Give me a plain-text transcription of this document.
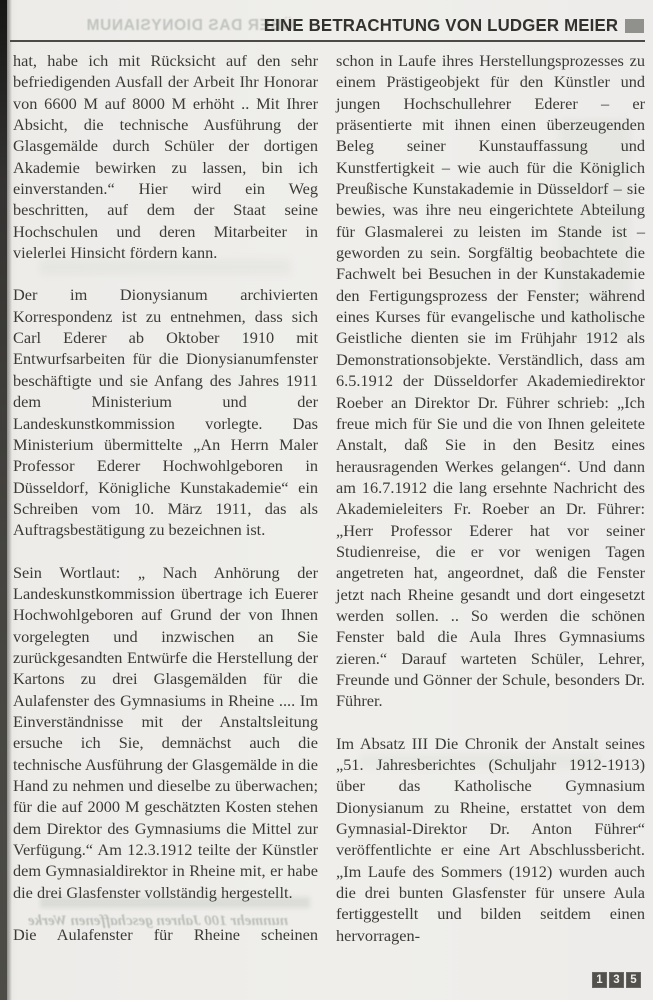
ÜBER DAS DIONYSIANUM
nunmehr 100 Jahren geschaffenen Werke
EINE BETRACHTUNG VON LUDGER MEIER

hat, habe ich mit Rücksicht auf den sehr befriedigenden Ausfall der Arbeit Ihr Honorar von 6600 M auf 8000 M erhöht .. Mit Ihrer Absicht, die technische Ausführung der Glasgemälde durch Schüler der dortigen Akademie bewirken zu lassen, bin ich einverstanden.“ Hier wird ein Weg beschritten, auf dem der Staat seine Hochschulen und deren Mitarbeiter in vielerlei Hinsicht fördern kann.

Der im Dionysianum archivierten Korrespondenz ist zu entnehmen, dass sich Carl Ederer ab Oktober 1910 mit Entwurfsarbeiten für die Dionysianumfenster beschäftigte und sie Anfang des Jahres 1911 dem Ministerium und der Landeskunstkommission vorlegte. Das Ministerium übermittelte „An Herrn Maler Professor Ederer Hochwohlgeboren in Düsseldorf, Königliche Kunstakademie“ ein Schreiben vom 10. März 1911, das als Auftragsbestätigung zu bezeichnen ist.

Sein Wortlaut: „ Nach Anhörung der Landeskunstkommission übertrage ich Euerer Hochwohlgeboren auf Grund der von Ihnen vorgelegten und inzwischen an Sie zurückgesandten Entwürfe die Herstellung der Kartons zu drei Glasgemälden für die Aulafenster des Gymnasiums in Rheine .... Im Einverständnisse mit der Anstaltsleitung ersuche ich Sie, demnächst auch die technische Ausführung der Glasgemälde in die Hand zu nehmen und dieselbe zu überwachen; für die auf 2000 M geschätzten Kosten stehen dem Direktor des Gymnasiums die Mittel zur Verfügung.“ Am 12.3.1912 teilte der Künstler dem Gymnasialdirektor in Rheine mit, er habe die drei Glasfenster vollständig hergestellt.

Die Aulafenster für Rheine scheinen

schon in Laufe ihres Herstellungsprozesses zu einem Prästigeobjekt für den Künstler und jungen Hochschullehrer Ederer – er präsentierte mit ihnen einen überzeugenden Beleg seiner Kunstauffassung und Kunstfertigkeit – wie auch für die Königlich Preußische Kunstakademie in Düsseldorf – sie bewies, was ihre neu eingerichtete Abteilung für Glasmalerei zu leisten im Stande ist – geworden zu sein. Sorgfältig beobachtete die Fachwelt bei Besuchen in der Kunstakademie den Fertigungsprozess der Fenster; während eines Kurses für evangelische und katholische Geistliche dienten sie im Frühjahr 1912 als Demonstrationsobjekte. Verständlich, dass am 6.5.1912 der Düsseldorfer Akademiedirektor Roeber an Direktor Dr. Führer schrieb: „Ich freue mich für Sie und die von Ihnen geleitete Anstalt, daß Sie in den Besitz eines herausragenden Werkes gelangen“. Und dann am 16.7.1912 die lang ersehnte Nachricht des Akademieleiters Fr. Roeber an Dr. Führer: „Herr Professor Ederer hat vor seiner Studienreise, die er vor wenigen Tagen angetreten hat, angeordnet, daß die Fenster jetzt nach Rheine gesandt und dort eingesetzt werden sollen. .. So werden die schönen Fenster bald die Aula Ihres Gymnasiums zieren.“ Darauf warteten Schüler, Lehrer, Freunde und Gönner der Schule, besonders Dr. Führer.

Im Absatz III Die Chronik der Anstalt seines „51. Jahresberichtes (Schuljahr 1912-1913) über das Katholische Gymnasium Dionysianum zu Rheine, erstattet von dem Gymnasial-Direktor Dr. Anton Führer“ veröffentlichte er eine Art Abschlussbericht. „Im Laufe des Sommers (1912) wurden auch die drei bunten Glasfenster für unsere Aula fertiggestellt und bilden seitdem einen hervorragen-

1 3 5
